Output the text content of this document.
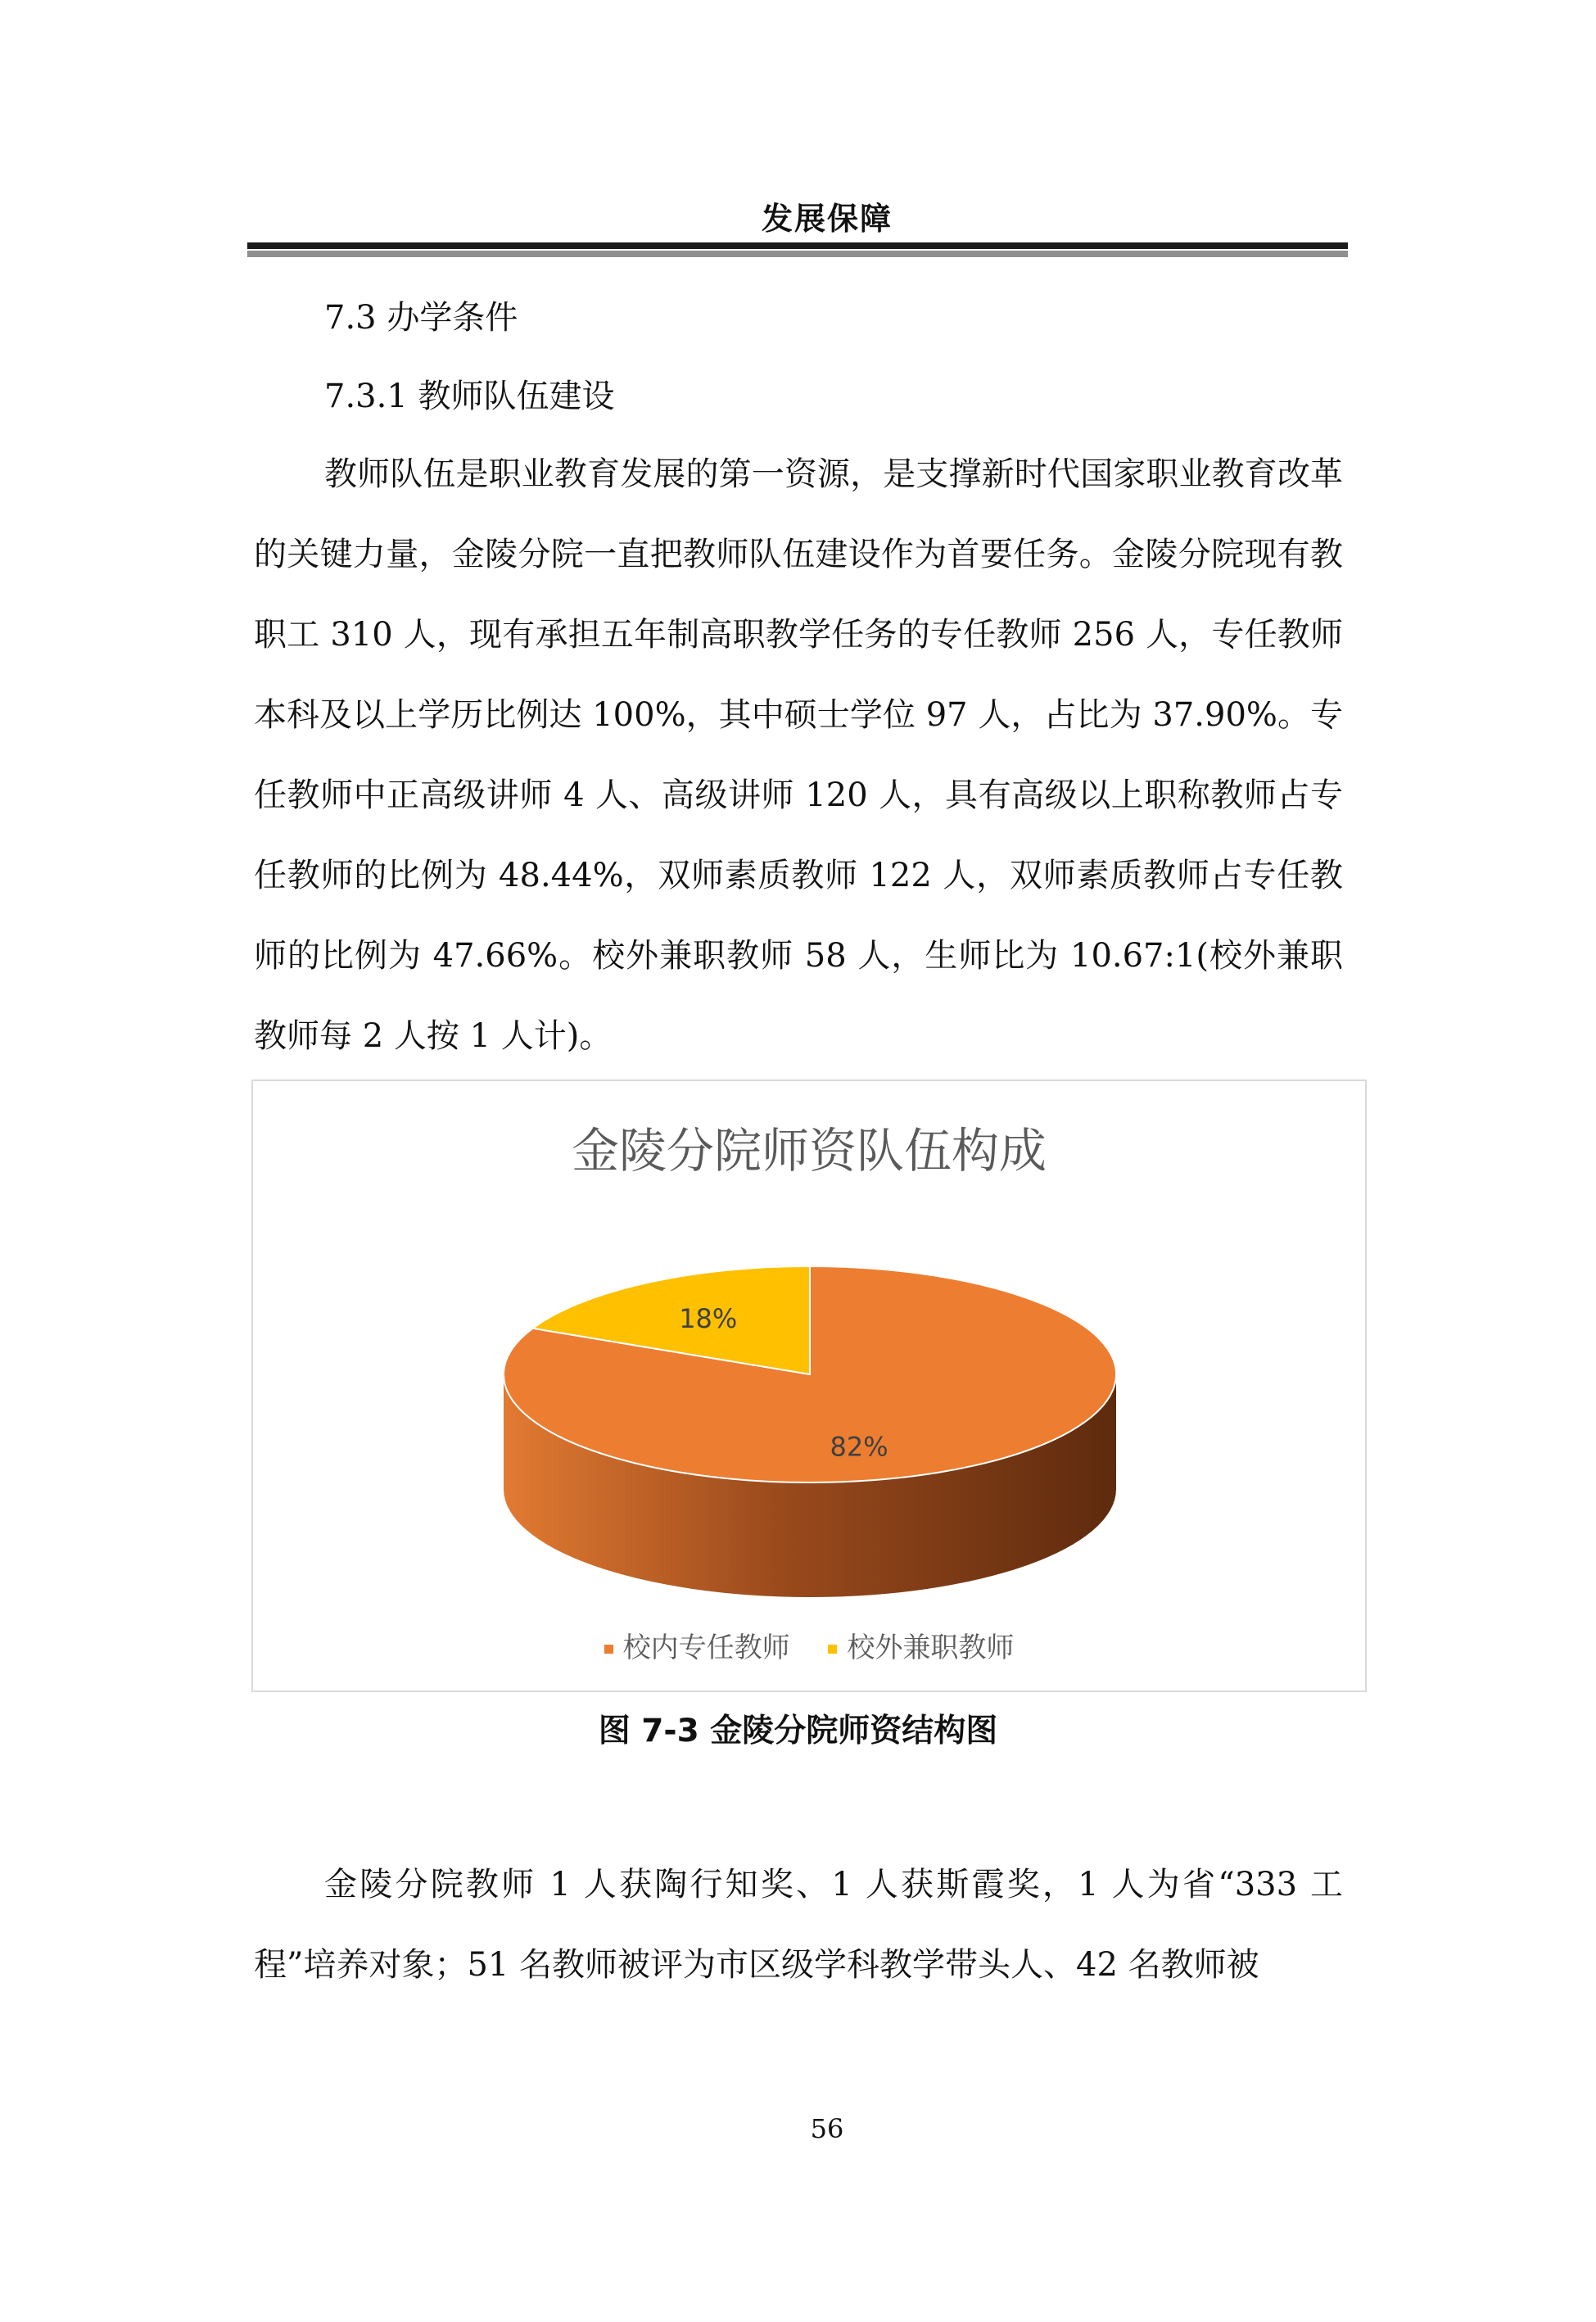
发展保障
7.3 办学条件
7.3.1 教师队伍建设

教师队伍是职业教育发展的第一资源，是支撑新时代国家职业教育改革的关键力量，金陵分院一直把教师队伍建设作为首要任务。金陵分院现有教职工 310 人，现有承担五年制高职教学任务的专任教师 256 人，专任教师本科及以上学历比例达 100%，其中硕士学位 97 人，占比为 37.90%。专任教师中正高级讲师 4 人、高级讲师 120 人，具有高级以上职称教师占专任教师的比例为 48.44%，双师素质教师 122 人，双师素质教师占专任教师的比例为 47.66%。校外兼职教师 58 人，生师比为 10.67:1(校外兼职教师每 2 人按 1 人计)。

金陵分院师资队伍构成
82%
18%
校内专任教师 校外兼职教师
图 7-3 金陵分院师资结构图

金陵分院教师 1 人获陶行知奖、1 人获斯霞奖，1 人为省“333 工程”培养对象；51 名教师被评为市区级学科教学带头人、42 名教师被

56
